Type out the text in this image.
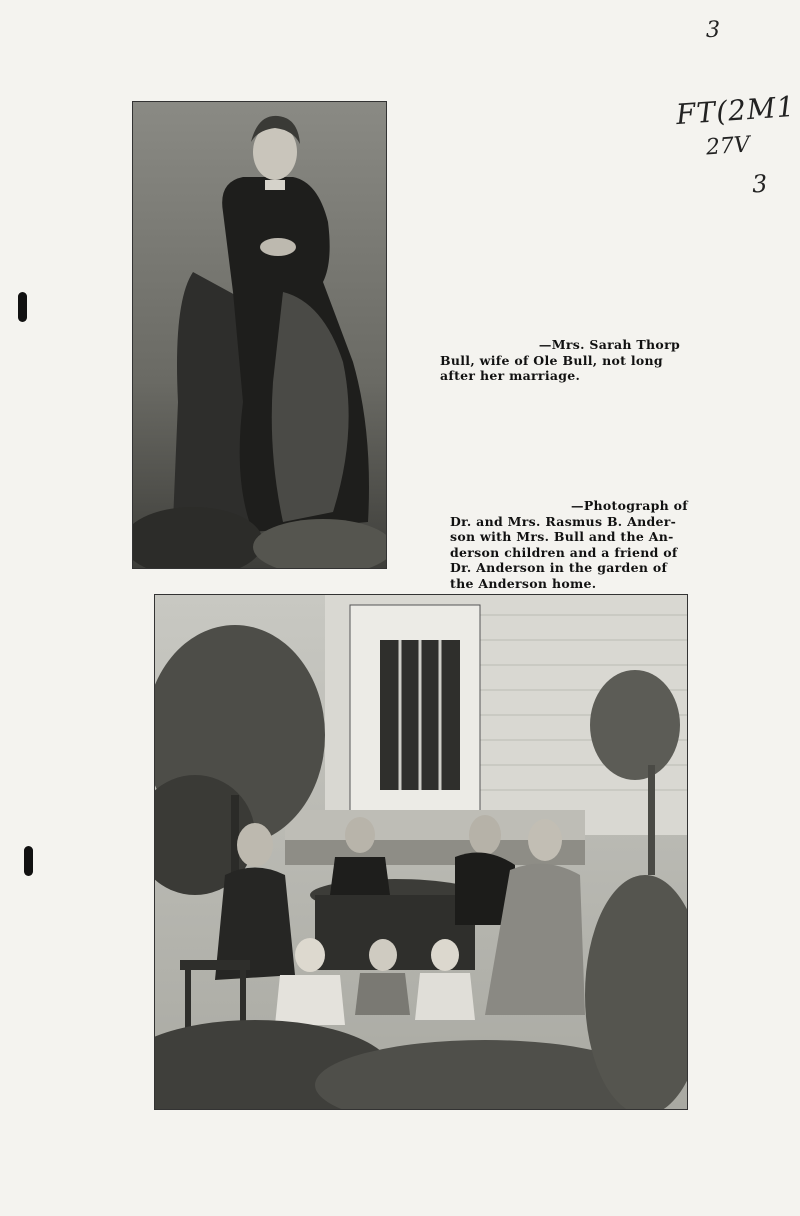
3
FT(2M1
27V
3
—Mrs. Sarah Thorp
Bull, wife of Ole Bull, not long
after her marriage.
—Photograph of
Dr. and Mrs. Rasmus B. Ander-
son with Mrs. Bull and the An-
derson children and a friend of
Dr. Anderson in the garden of
the Anderson home.
